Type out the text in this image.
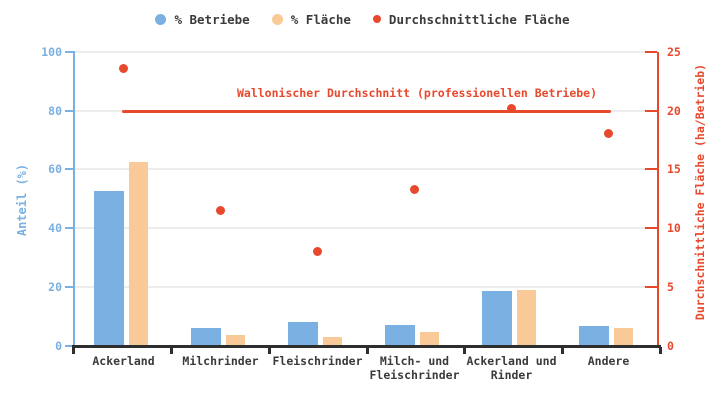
% Betriebe	% Fläche	Durchschnittliche Fläche
Anteil (%)	Durchschnittliche Fläche (ha/Betrieb)
Wallonischer Durchschnitt (professionellen Betriebe)
0
20
40
60
80
100
0
5
10
15
20
25
Ackerland Milchrinder Fleischrinder	Milch- und
Fleischrinder
Ackerland und
Rinder
Andere
